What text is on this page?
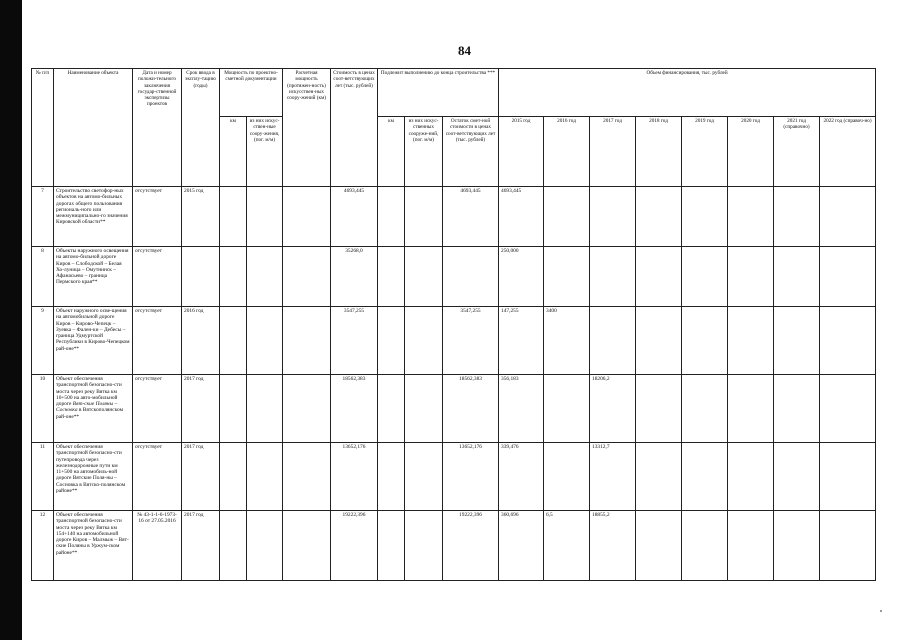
84
№ п/п	Наименование объекта	Дата и номер положи-тельного заключения государ-ственной экспертизы проектов	Срок ввода в эксплу-тацию (годы)	Мощность по проектно-сметной документации		Расчетная мощность (протяжен-ность) искусствен-ных соору-жений (км)	Стоимость в ценах соот-ветствующих лет (тыс. рублей)	Подлежит выполнению до конца строительства ***			Объем финансирования, тыс. рублей							
				км	из них искус-ствен-ные соору-жения, (пог. м/м)			км	из них искус-ственных сооруже-ний, (пог. м/м)	Остаток смет-ной стоимости в ценах соот-ветствующих лет (тыс. рублей)	2015 год	2016 год	2017 год	2018 год	2019 год	2020 год	2021 год (справочно)	2022 год (справоч-но)
7	Строительство светофор-ных объектов на автомо-бильных дорогах общего пользования региональ-ного или межмуниципально-го значения Кировской области**	отсутствует	2015 год				4693,445			4693,445	4693,445							
8	Объекты наружного освещения на автомо-бильной дороге Киров – Слободской – Белая Хо-луница – Омутнинск – Афанасьево – граница Пермского края**	отсутствует					35268,0				250,000							
9	Объект наружного осве-щения на автомобильной дороге Киров – Кирово-Чепецк – Зуевка – Фален-ки – Дебесы – граница Удмуртской Республики в Кирово-Чепецком рай-оне**	отсутствует	2016 год				3547,255			3547,255	147,255	3400						
10	Объект обеспечения транспортной безопасно-сти моста через реку Вятка км 10+500 на авто-мобильной дороге Вят-ские Поляны – Сосновка в Вятскополянском рай-оне**	отсутствует	2017 год				18562,383			18562,383	356,183		18206,2					
11	Объект обеспечения транспортной безопасно-сти путепровода через железнодорожные пути км 11+500 на автомобиль-ной дороге Вятские Поля-ны – Сосновка в Вятско-полянском районе**	отсутствует	2017 год				13652,176			13652,176	339,476		13312,7					
12	Объект обеспечения транспортной безопасно-сти моста через реку Вятка км 154+140 на автомобильной дороге Киров – Малмыж – Вят-ские Поляны в Уржум-ском районе**	№ 43-1-1-6-1973-16 от 27.05.2016	2017 год				19222,396			19222,396	360,696	6,5	18855,2					
